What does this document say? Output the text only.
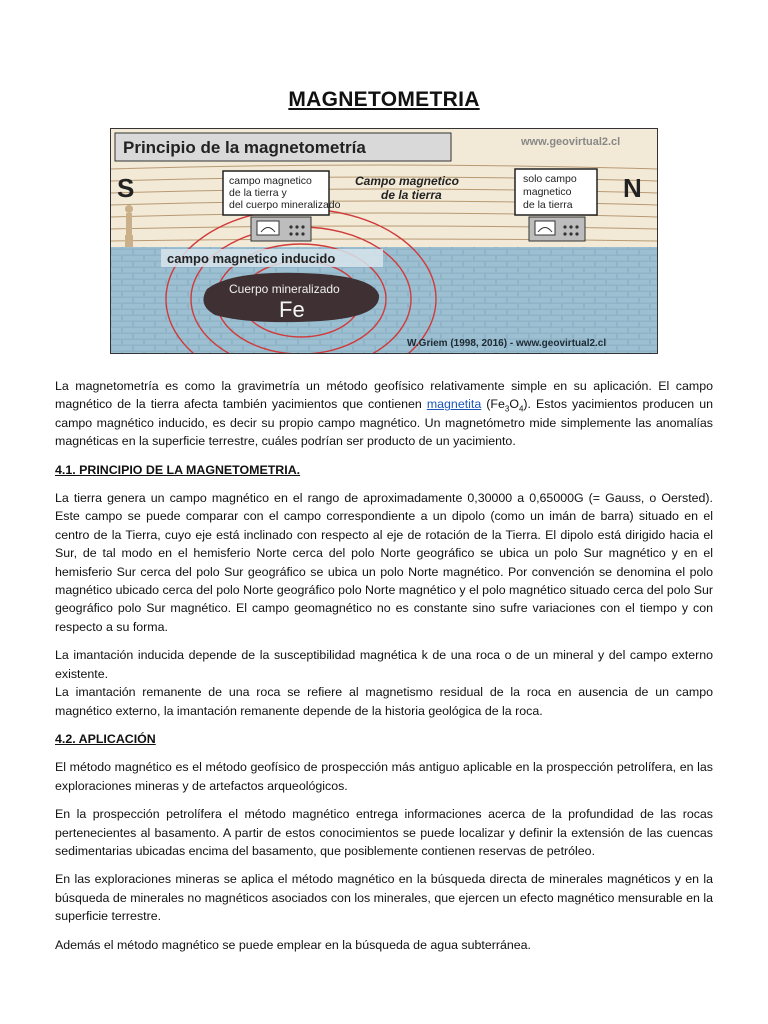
MAGNETOMETRIA
Principio de la magnetometría	www.geovirtual2.cl
S	N
campo magnetico
de la tierra y
del cuerpo mineralizado
Campo magnetico
de la tierra
solo campo
magnetico
de la tierra
campo magnetico inducido
Cuerpo mineralizado
Fe
W.Griem (1998, 2016) - www.geovirtual2.cl

La magnetometría es como la gravimetría un método geofísico relativamente simple en su aplicación. El campo magnético de la tierra afecta también yacimientos que contienen magnetita $(Fe_3O_4)$. Estos yacimientos producen un campo magnético inducido, es decir su propio campo magnético. Un magnetómetro mide simplemente las anomalías magnéticas en la superficie terrestre, cuáles podrían ser producto de un yacimiento.

4.1. PRINCIPIO DE LA MAGNETOMETRIA.

La tierra genera un campo magnético en el rango de aproximadamente 0,30000 a 0,65000G (= Gauss, o Oersted). Este campo se puede comparar con el campo correspondiente a un dipolo (como un imán de barra) situado en el centro de la Tierra, cuyo eje está inclinado con respecto al eje de rotación de la Tierra. El dipolo está dirigido hacia el Sur, de tal modo en el hemisferio Norte cerca del polo Norte geográfico se ubica un polo Sur magnético y en el hemisferio Sur cerca del polo Sur geográfico se ubica un polo Norte magnético. Por convención se denomina el polo magnético ubicado cerca del polo Norte geográfico polo Norte magnético y el polo magnético situado cerca del polo Sur geográfico polo Sur magnético. El campo geomagnético no es constante sino sufre variaciones con el tiempo y con respecto a su forma.

La imantación inducida depende de la susceptibilidad magnética k de una roca o de un mineral y del campo externo existente.

La imantación remanente de una roca se refiere al magnetismo residual de la roca en ausencia de un campo magnético externo, la imantación remanente depende de la historia geológica de la roca.

4.2. APLICACIÓN

El método magnético es el método geofísico de prospección más antiguo aplicable en la prospección petrolífera, en las exploraciones mineras y de artefactos arqueológicos.

En la prospección petrolífera el método magnético entrega informaciones acerca de la profundidad de las rocas pertenecientes al basamento. A partir de estos conocimientos se puede localizar y definir la extensión de las cuencas sedimentarias ubicadas encima del basamento, que posiblemente contienen reservas de petróleo.

En las exploraciones mineras se aplica el método magnético en la búsqueda directa de minerales magnéticos y en la búsqueda de minerales no magnéticos asociados con los minerales, que ejercen un efecto magnético mensurable en la superficie terrestre.

Además el método magnético se puede emplear en la búsqueda de agua subterránea.
